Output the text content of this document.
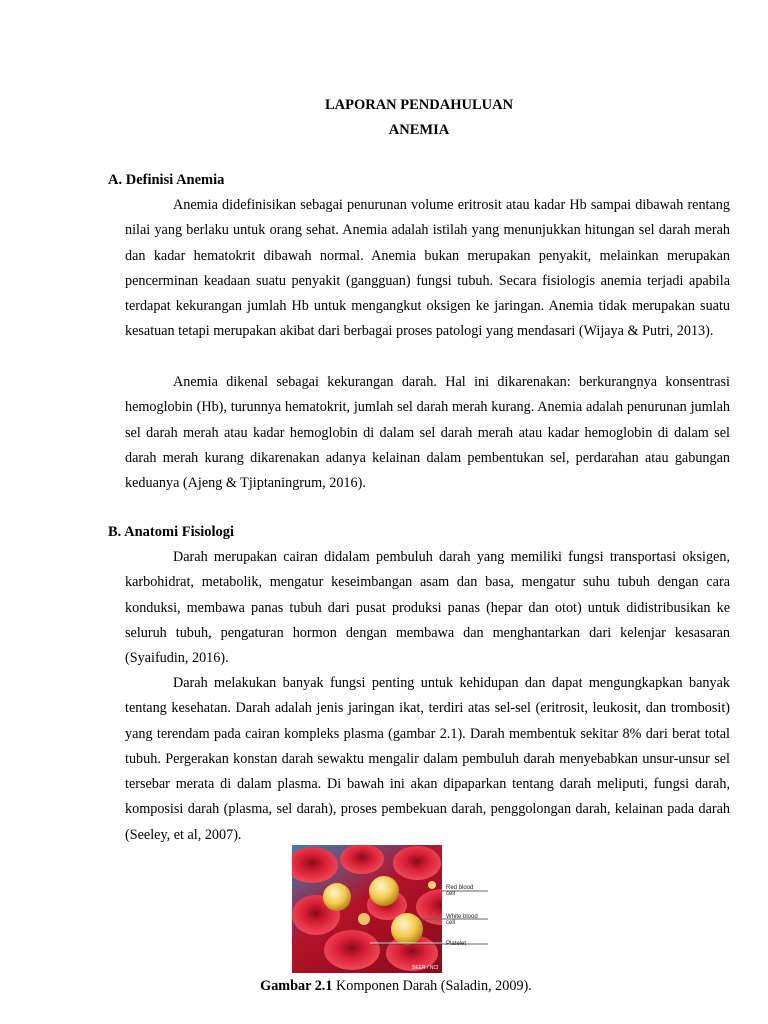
LAPORAN PENDAHULUAN
ANEMIA
A. Definisi Anemia

Anemia didefinisikan sebagai penurunan volume eritrosit atau kadar Hb sampai dibawah rentang nilai yang berlaku untuk orang sehat. Anemia adalah istilah yang menunjukkan hitungan sel darah merah dan kadar hematokrit dibawah normal. Anemia bukan merupakan penyakit, melainkan merupakan pencerminan keadaan suatu penyakit (gangguan) fungsi tubuh. Secara fisiologis anemia terjadi apabila terdapat kekurangan jumlah Hb untuk mengangkut oksigen ke jaringan. Anemia tidak merupakan suatu kesatuan tetapi merupakan akibat dari berbagai proses patologi yang mendasari (Wijaya & Putri, 2013).

Anemia dikenal sebagai kekurangan darah. Hal ini dikarenakan: berkurangnya konsentrasi hemoglobin (Hb), turunnya hematokrit, jumlah sel darah merah kurang. Anemia adalah penurunan jumlah sel darah merah atau kadar hemoglobin di dalam sel darah merah atau kadar hemoglobin di dalam sel darah merah kurang dikarenakan adanya kelainan dalam pembentukan sel, perdarahan atau gabungan keduanya (Ajeng & Tjiptaningrum, 2016).

B. Anatomi Fisiologi

Darah merupakan cairan didalam pembuluh darah yang memiliki fungsi transportasi oksigen, karbohidrat, metabolik, mengatur keseimbangan asam dan basa, mengatur suhu tubuh dengan cara konduksi, membawa panas tubuh dari pusat produksi panas (hepar dan otot) untuk didistribusikan ke seluruh tubuh, pengaturan hormon dengan membawa dan menghantarkan dari kelenjar kesasaran (Syaifudin, 2016).

Darah melakukan banyak fungsi penting untuk kehidupan dan dapat mengungkapkan banyak tentang kesehatan. Darah adalah jenis jaringan ikat, terdiri atas sel-sel (eritrosit, leukosit, dan trombosit) yang terendam pada cairan kompleks plasma (gambar 2.1). Darah membentuk sekitar 8% dari berat total tubuh. Pergerakan konstan darah sewaktu mengalir dalam pembuluh darah menyebabkan unsur-unsur sel tersebar merata di dalam plasma. Di bawah ini akan dipaparkan tentang darah meliputi, fungsi darah, komposisi darah (plasma, sel darah), proses pembekuan darah, penggolongan darah, kelainan pada darah (Seeley, et al, 2007).

Red blood
cell
White blood
cell
Platelet
SEER / NCI
Gambar 2.1 Komponen Darah (Saladin, 2009).
